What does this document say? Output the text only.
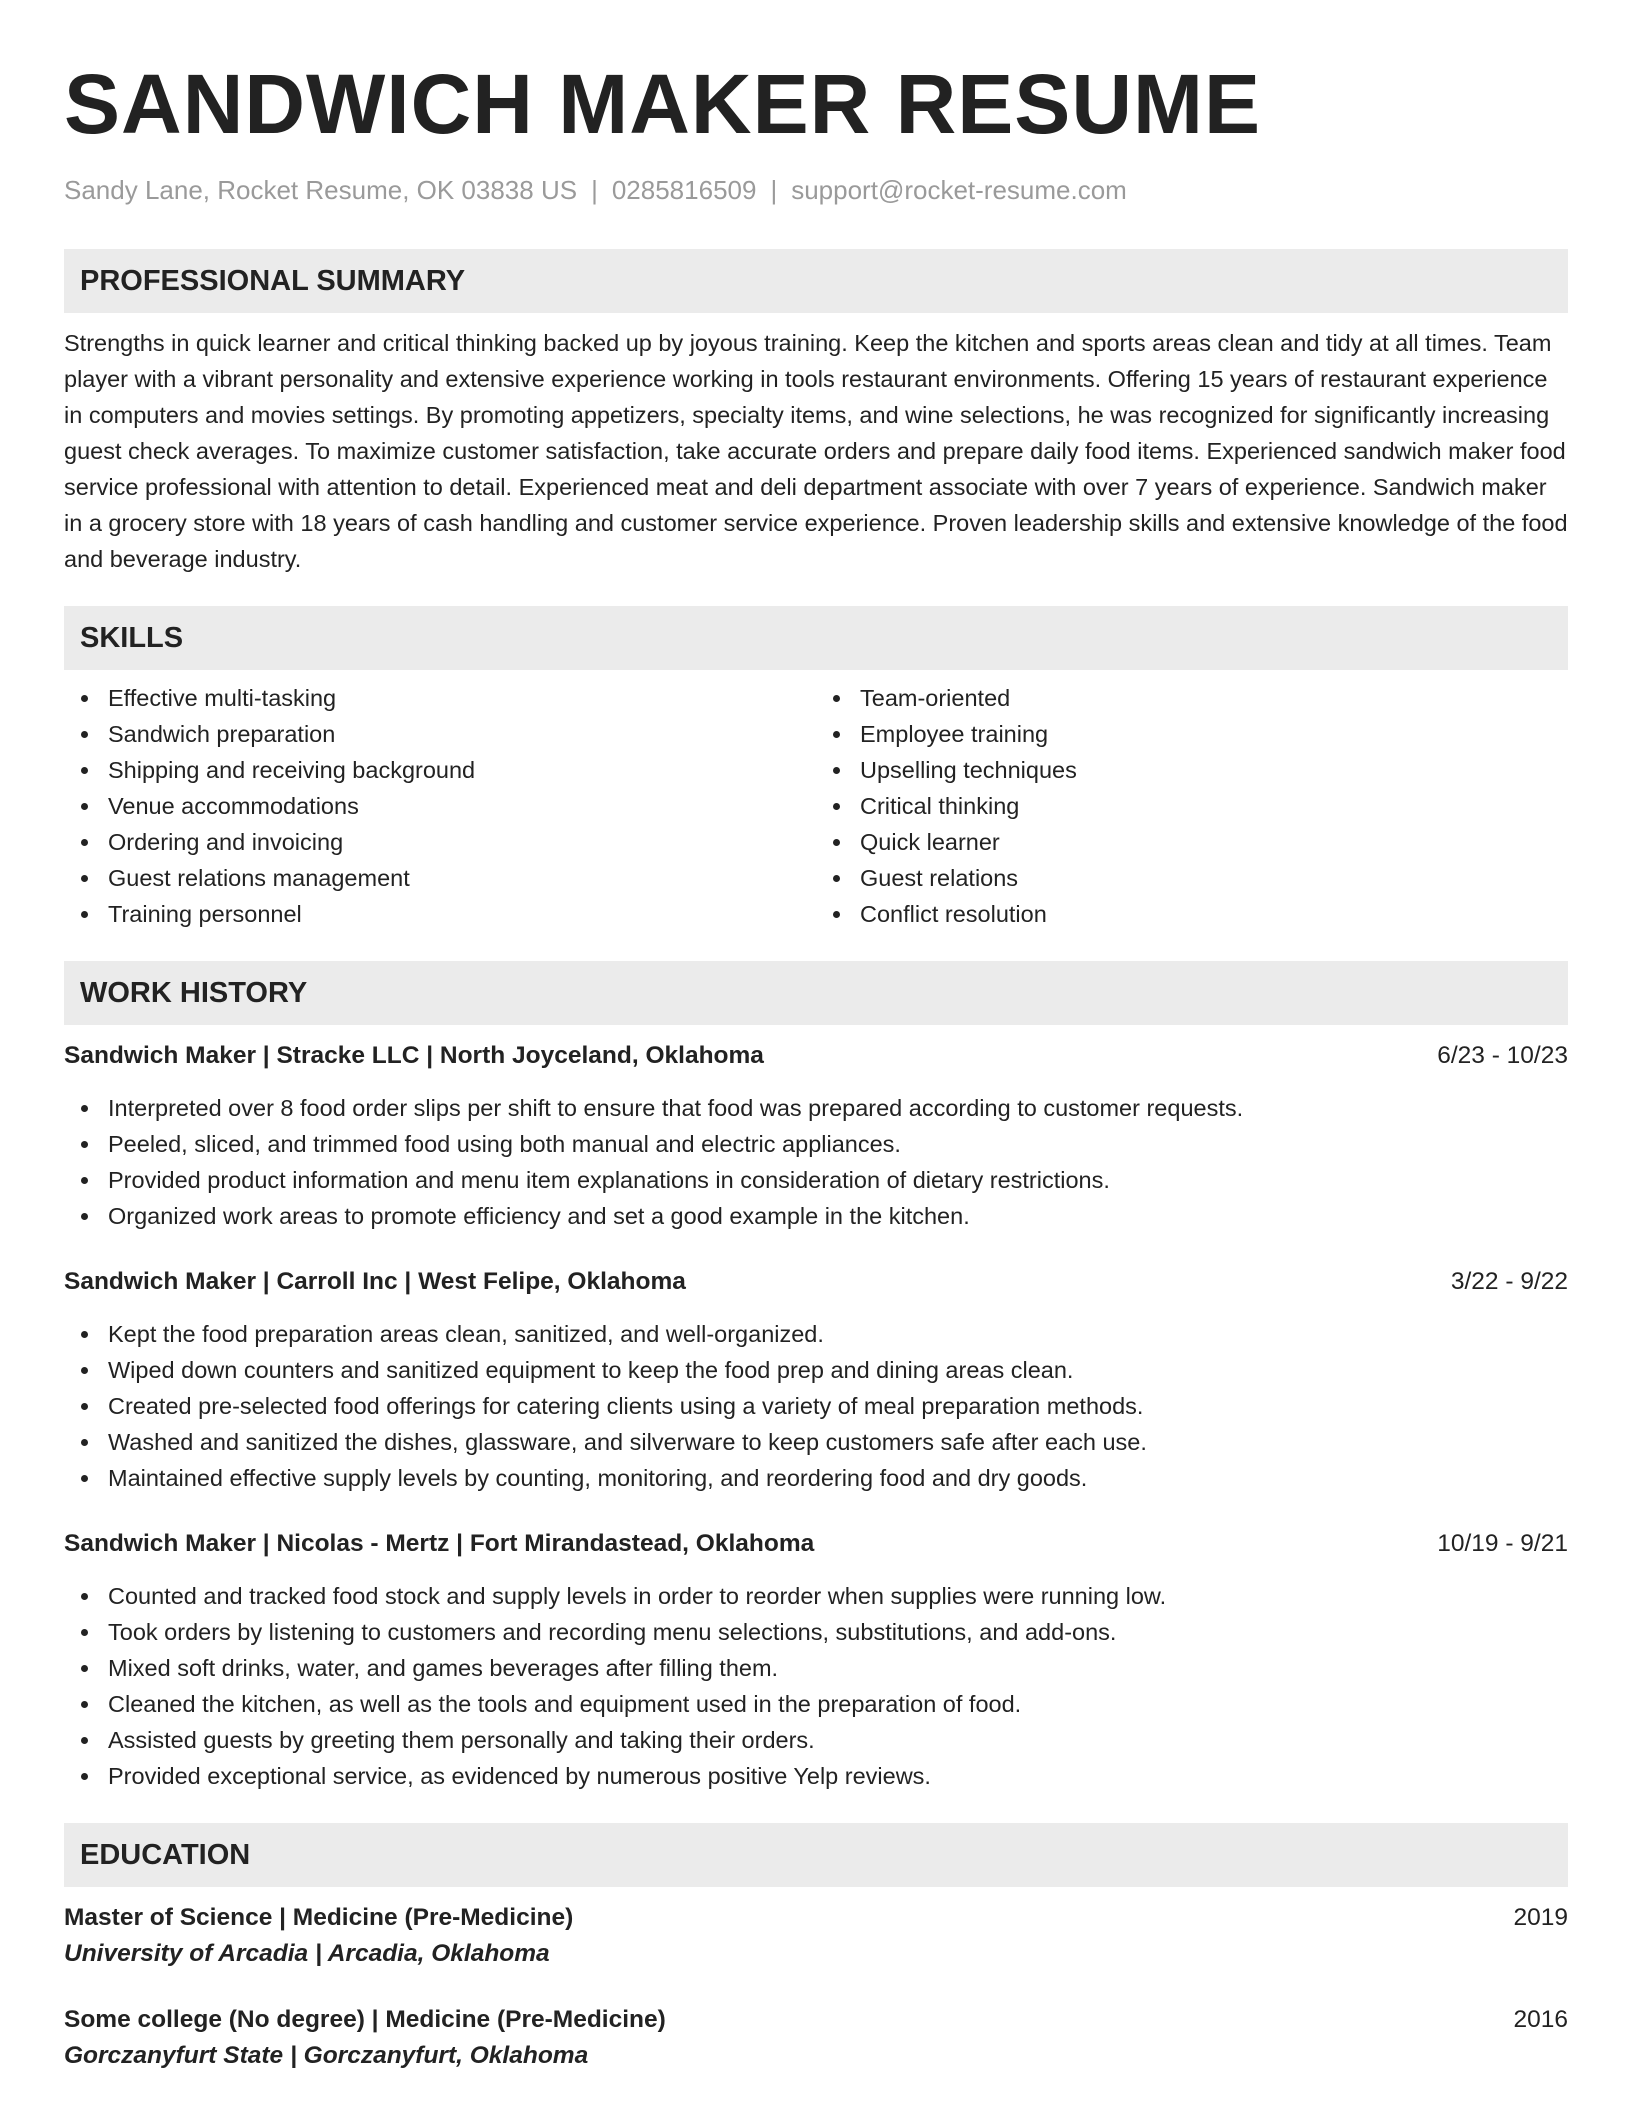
SANDWICH MAKER RESUME
Sandy Lane, Rocket Resume, OK 03838 US | 0285816509 | support@rocket-resume.com
PROFESSIONAL SUMMARY

Strengths in quick learner and critical thinking backed up by joyous training. Keep the kitchen and sports areas clean and tidy at all times. Team player with a vibrant personality and extensive experience working in tools restaurant environments. Offering 15 years of restaurant experience in computers and movies settings. By promoting appetizers, specialty items, and wine selections, he was recognized for significantly increasing guest check averages. To maximize customer satisfaction, take accurate orders and prepare daily food items. Experienced sandwich maker food service professional with attention to detail. Experienced meat and deli department associate with over 7 years of experience. Sandwich maker in a grocery store with 18 years of cash handling and customer service experience. Proven leadership skills and extensive knowledge of the food and beverage industry.

SKILLS
Effective multi-tasking
Sandwich preparation
Shipping and receiving background
Venue accommodations
Ordering and invoicing
Guest relations management
Training personnel
Team-oriented
Employee training
Upselling techniques
Critical thinking
Quick learner
Guest relations
Conflict resolution
WORK HISTORY
Sandwich Maker | Stracke LLC | North Joyceland, Oklahoma	6/23 - 10/23
Interpreted over 8 food order slips per shift to ensure that food was prepared according to customer requests.
Peeled, sliced, and trimmed food using both manual and electric appliances.
Provided product information and menu item explanations in consideration of dietary restrictions.
Organized work areas to promote efficiency and set a good example in the kitchen.
Sandwich Maker | Carroll Inc | West Felipe, Oklahoma	3/22 - 9/22
Kept the food preparation areas clean, sanitized, and well-organized.
Wiped down counters and sanitized equipment to keep the food prep and dining areas clean.
Created pre-selected food offerings for catering clients using a variety of meal preparation methods.
Washed and sanitized the dishes, glassware, and silverware to keep customers safe after each use.
Maintained effective supply levels by counting, monitoring, and reordering food and dry goods.
Sandwich Maker | Nicolas - Mertz | Fort Mirandastead, Oklahoma	10/19 - 9/21
Counted and tracked food stock and supply levels in order to reorder when supplies were running low.
Took orders by listening to customers and recording menu selections, substitutions, and add-ons.
Mixed soft drinks, water, and games beverages after filling them.
Cleaned the kitchen, as well as the tools and equipment used in the preparation of food.
Assisted guests by greeting them personally and taking their orders.
Provided exceptional service, as evidenced by numerous positive Yelp reviews.
EDUCATION
Master of Science | Medicine (Pre-Medicine)	2019
University of Arcadia | Arcadia, Oklahoma
Some college (No degree) | Medicine (Pre-Medicine)	2016
Gorczanyfurt State | Gorczanyfurt, Oklahoma
